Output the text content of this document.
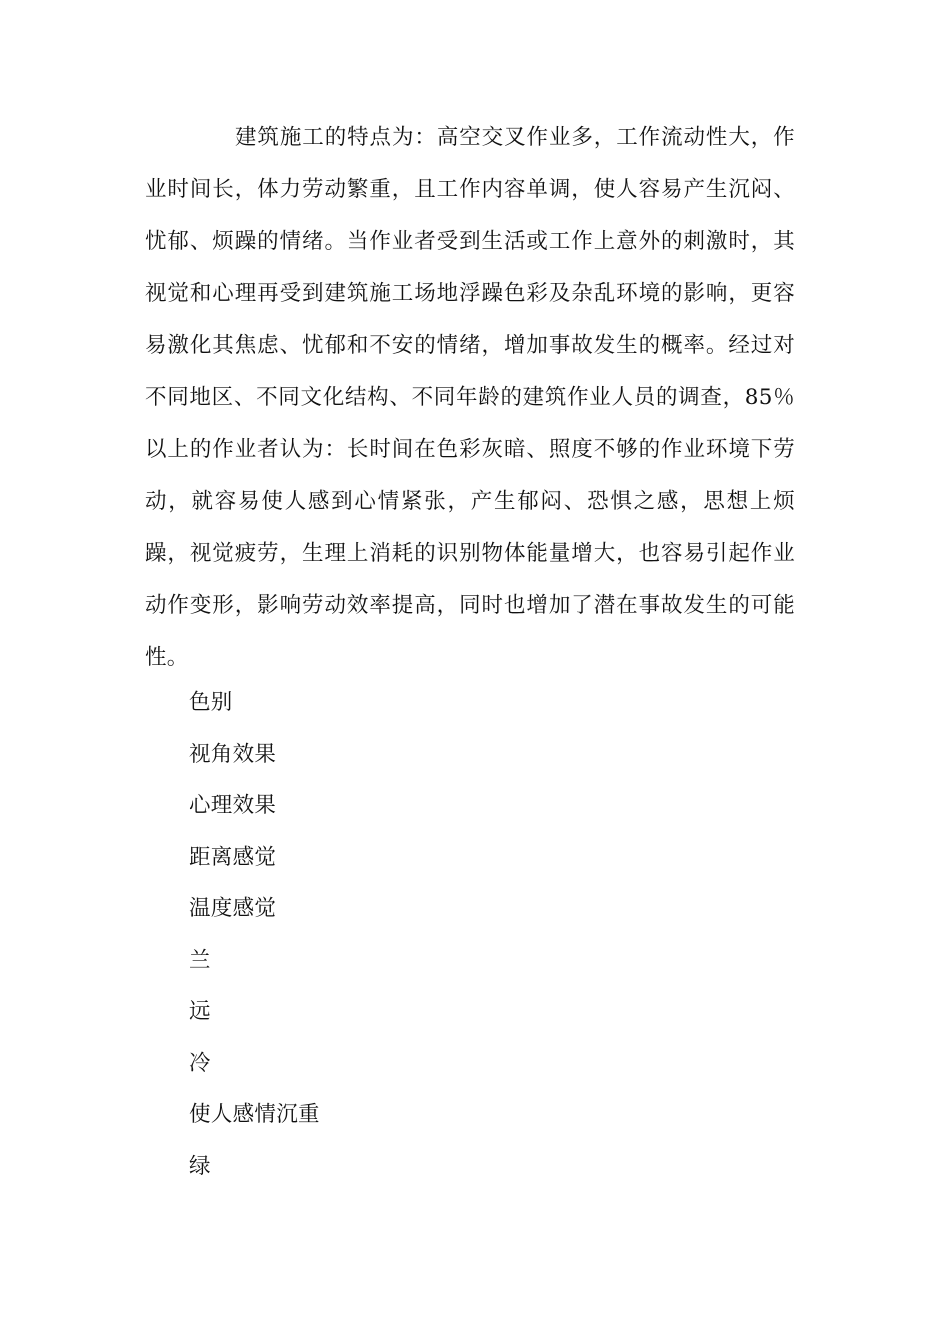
建筑施工的特点为：高空交叉作业多，工作流动性大，作业时间长，体力劳动繁重，且工作内容单调，使人容易产生沉闷、忧郁、烦躁的情绪。当作业者受到生活或工作上意外的刺激时，其视觉和心理再受到建筑施工场地浮躁色彩及杂乱环境的影响，更容易激化其焦虑、忧郁和不安的情绪，增加事故发生的概率。经过对不同地区、不同文化结构、不同年龄的建筑作业人员的调查，85％以上的作业者认为：长时间在色彩灰暗、照度不够的作业环境下劳动，就容易使人感到心情紧张，产生郁闷、恐惧之感，思想上烦躁，视觉疲劳，生理上消耗的识别物体能量增大，也容易引起作业动作变形，影响劳动效率提高，同时也增加了潜在事故发生的可能性。

色别
视角效果
心理效果
距离感觉
温度感觉
兰
远
冷
使人感情沉重
绿
